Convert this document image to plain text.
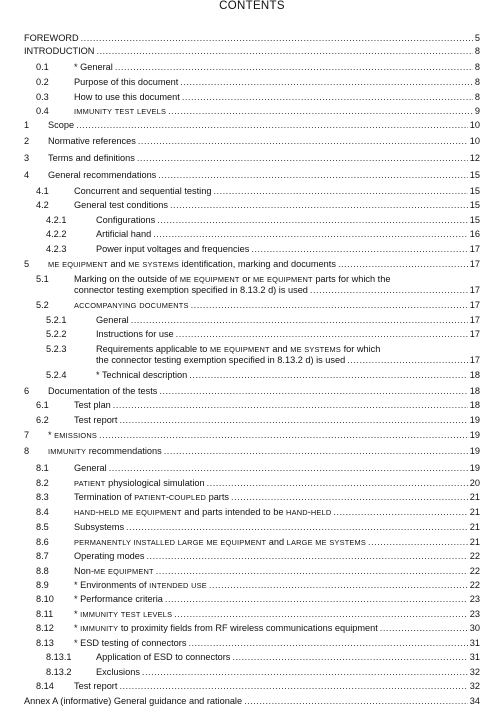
CONTENTS
FOREWORD .....	5
INTRODUCTION .....	8
0.1	* General .....	8
0.2	Purpose of this document .....	8
0.3	How to use this document .....	8
0.4	IMMUNITY TEST LEVELS .....	9
1	Scope .....	10
2	Normative references .....	10
3	Terms and definitions .....	12
4	General recommendations .....	15
4.1	Concurrent and sequential testing .....	15
4.2	General test conditions .....	15
4.2.1	Configurations .....	15
4.2.2	Artificial hand .....	16
4.2.3	Power input voltages and frequencies .....	17
5	ME EQUIPMENT and ME SYSTEMS identification, marking and documents .....	17
5.1	Marking on the outside of ME EQUIPMENT or ME EQUIPMENT parts for which the
connector testing exemption specified in 8.13.2 d) is used .....	17
5.2	ACCOMPANYING DOCUMENTS .....	17
5.2.1	General .....	17
5.2.2	Instructions for use .....	17
5.2.3	Requirements applicable to ME EQUIPMENT and ME SYSTEMS for which
the connector testing exemption specified in 8.13.2 d) is used .....	17
5.2.4	* Technical description .....	18
6	Documentation of the tests .....	18
6.1	Test plan .....	18
6.2	Test report .....	19
7	* EMISSIONS .....	19
8	IMMUNITY recommendations .....	19
8.1	General .....	19
8.2	PATIENT physiological simulation .....	20
8.3	Termination of PATIENT-COUPLED parts .....	21
8.4	HAND-HELD ME EQUIPMENT and parts intended to be HAND-HELD .....	21
8.5	Subsystems .....	21
8.6	PERMANENTLY INSTALLED LARGE ME EQUIPMENT and LARGE ME SYSTEMS .....	21
8.7	Operating modes .....	22
8.8	Non-ME EQUIPMENT .....	22
8.9	* Environments of INTENDED USE .....	22
8.10	* Performance criteria .....	23
8.11	* IMMUNITY TEST LEVELS .....	23
8.12	* IMMUNITY to proximity fields from RF wireless communications equipment .....	30
8.13	* ESD testing of connectors .....	31
8.13.1	Application of ESD to connectors .....	31
8.13.2	Exclusions .....	32
8.14	Test report .....	32
Annex A (informative) General guidance and rationale .....	34
